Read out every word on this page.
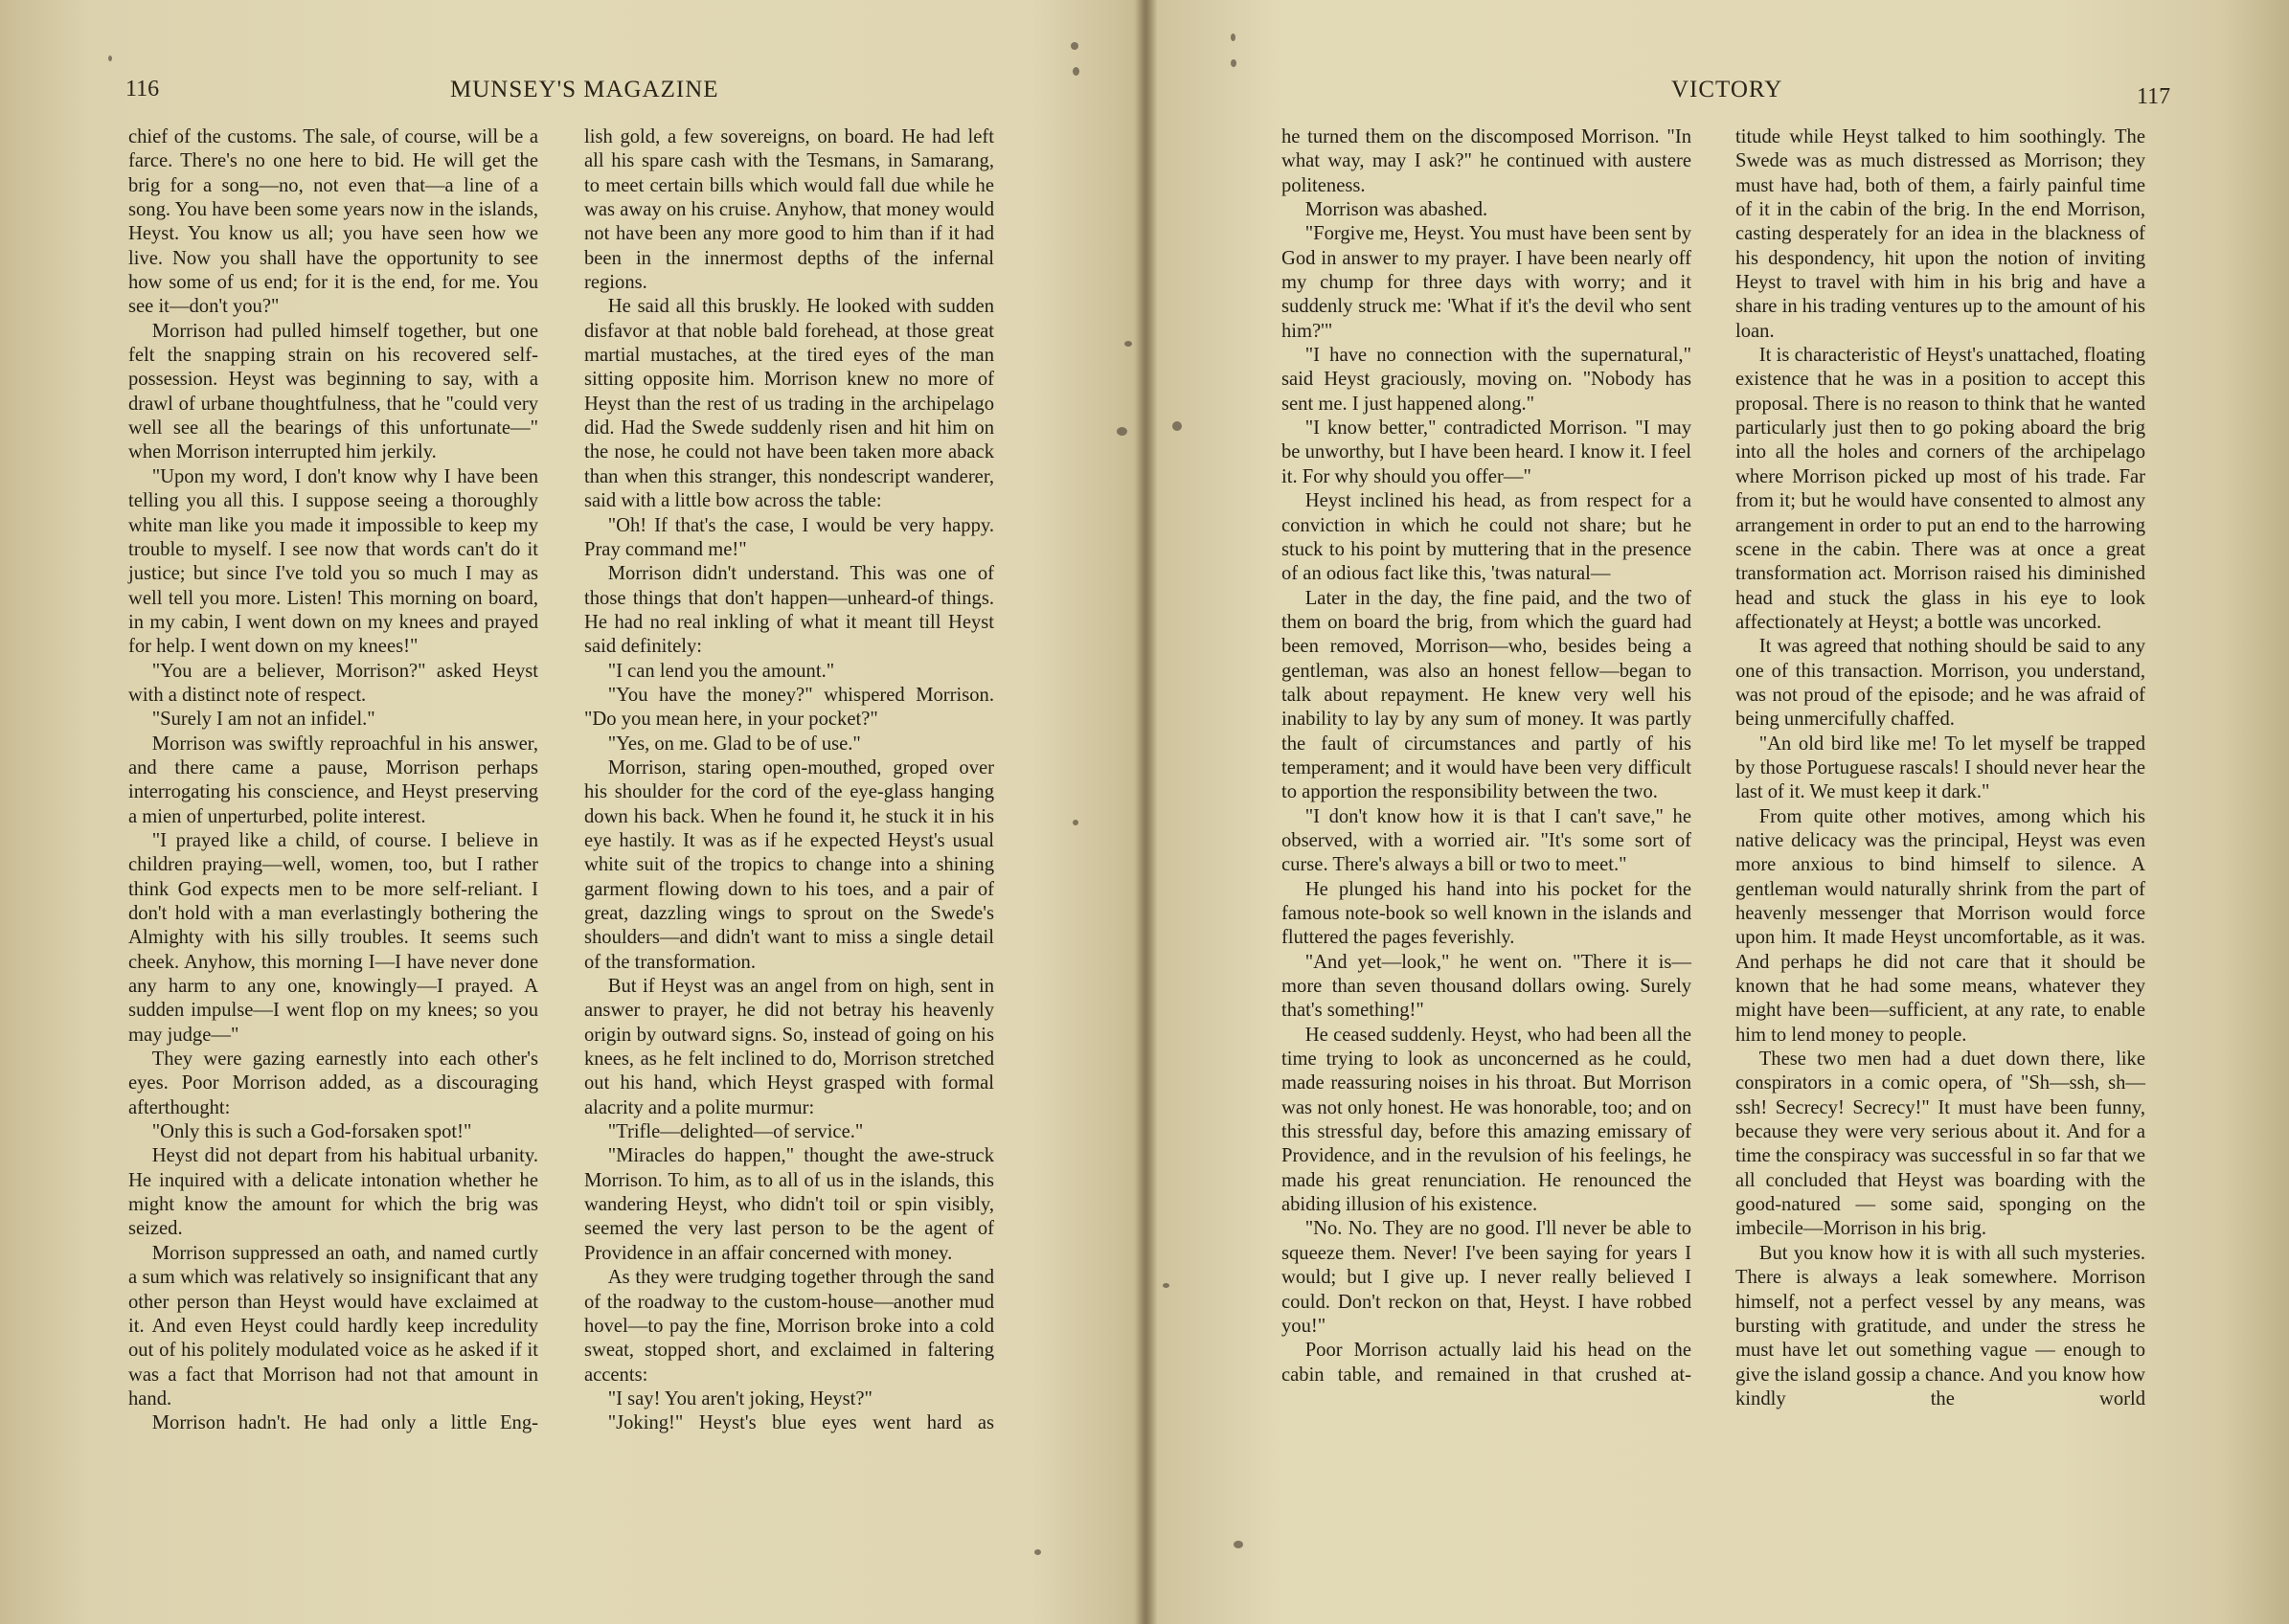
116	MUNSEY'S MAGAZINE

chief of the customs. The sale, of course, will be a farce. There's no one here to bid. He will get the brig for a song—no, not even that—a line of a song. You have been some years now in the islands, Heyst. You know us all; you have seen how we live. Now you shall have the opportunity to see how some of us end; for it is the end, for me. You see it—don't you?"

Morrison had pulled himself together, but one felt the snapping strain on his recovered self-possession. Heyst was beginning to say, with a drawl of urbane thoughtfulness, that he "could very well see all the bearings of this unfortunate—" when Morrison interrupted him jerkily.

"Upon my word, I don't know why I have been telling you all this. I suppose seeing a thoroughly white man like you made it impossible to keep my trouble to myself. I see now that words can't do it justice; but since I've told you so much I may as well tell you more. Listen! This morning on board, in my cabin, I went down on my knees and prayed for help. I went down on my knees!"

"You are a believer, Morrison?" asked Heyst with a distinct note of respect.

"Surely I am not an infidel."

Morrison was swiftly reproachful in his answer, and there came a pause, Morrison perhaps interrogating his conscience, and Heyst preserving a mien of unperturbed, polite interest.

"I prayed like a child, of course. I believe in children praying—well, women, too, but I rather think God expects men to be more self-reliant. I don't hold with a man everlastingly bothering the Almighty with his silly troubles. It seems such cheek. Anyhow, this morning I—I have never done any harm to any one, knowingly—I prayed. A sudden impulse—I went flop on my knees; so you may judge—"

They were gazing earnestly into each other's eyes. Poor Morrison added, as a discouraging afterthought:

"Only this is such a God-forsaken spot!"

Heyst did not depart from his habitual urbanity. He inquired with a delicate intonation whether he might know the amount for which the brig was seized.

Morrison suppressed an oath, and named curtly a sum which was relatively so insignificant that any other person than Heyst would have exclaimed at it. And even Heyst could hardly keep incredulity out of his politely modulated voice as he asked if it was a fact that Morrison had not that amount in hand.

Morrison hadn't. He had only a little Eng-

lish gold, a few sovereigns, on board. He had left all his spare cash with the Tesmans, in Samarang, to meet certain bills which would fall due while he was away on his cruise. Anyhow, that money would not have been any more good to him than if it had been in the innermost depths of the infernal regions.

He said all this bruskly. He looked with sudden disfavor at that noble bald forehead, at those great martial mustaches, at the tired eyes of the man sitting opposite him. Morrison knew no more of Heyst than the rest of us trading in the archipelago did. Had the Swede suddenly risen and hit him on the nose, he could not have been taken more aback than when this stranger, this nondescript wanderer, said with a little bow across the table:

"Oh! If that's the case, I would be very happy. Pray command me!"

Morrison didn't understand. This was one of those things that don't happen—unheard-of things. He had no real inkling of what it meant till Heyst said definitely:

"I can lend you the amount."

"You have the money?" whispered Morrison. "Do you mean here, in your pocket?"

"Yes, on me. Glad to be of use."

Morrison, staring open-mouthed, groped over his shoulder for the cord of the eye-glass hanging down his back. When he found it, he stuck it in his eye hastily. It was as if he expected Heyst's usual white suit of the tropics to change into a shining garment flowing down to his toes, and a pair of great, dazzling wings to sprout on the Swede's shoulders—and didn't want to miss a single detail of the transformation.

But if Heyst was an angel from on high, sent in answer to prayer, he did not betray his heavenly origin by outward signs. So, instead of going on his knees, as he felt inclined to do, Morrison stretched out his hand, which Heyst grasped with formal alacrity and a polite murmur:

"Trifle—delighted—of service."

"Miracles do happen," thought the awe-struck Morrison. To him, as to all of us in the islands, this wandering Heyst, who didn't toil or spin visibly, seemed the very last person to be the agent of Providence in an affair concerned with money.

As they were trudging together through the sand of the roadway to the custom-house—another mud hovel—to pay the fine, Morrison broke into a cold sweat, stopped short, and exclaimed in faltering accents:

"I say! You aren't joking, Heyst?"

"Joking!" Heyst's blue eyes went hard as

VICTORY	117

he turned them on the discomposed Morrison. "In what way, may I ask?" he continued with austere politeness.

Morrison was abashed.

"Forgive me, Heyst. You must have been sent by God in answer to my prayer. I have been nearly off my chump for three days with worry; and it suddenly struck me: 'What if it's the devil who sent him?'"

"I have no connection with the supernatural," said Heyst graciously, moving on. "Nobody has sent me. I just happened along."

"I know better," contradicted Morrison. "I may be unworthy, but I have been heard. I know it. I feel it. For why should you offer—"

Heyst inclined his head, as from respect for a conviction in which he could not share; but he stuck to his point by muttering that in the presence of an odious fact like this, 'twas natural—

Later in the day, the fine paid, and the two of them on board the brig, from which the guard had been removed, Morrison—who, besides being a gentleman, was also an honest fellow—began to talk about repayment. He knew very well his inability to lay by any sum of money. It was partly the fault of circumstances and partly of his temperament; and it would have been very difficult to apportion the responsibility between the two.

"I don't know how it is that I can't save," he observed, with a worried air. "It's some sort of curse. There's always a bill or two to meet."

He plunged his hand into his pocket for the famous note-book so well known in the islands and fluttered the pages feverishly.

"And yet—look," he went on. "There it is—more than seven thousand dollars owing. Surely that's something!"

He ceased suddenly. Heyst, who had been all the time trying to look as unconcerned as he could, made reassuring noises in his throat. But Morrison was not only honest. He was honorable, too; and on this stressful day, before this amazing emissary of Providence, and in the revulsion of his feelings, he made his great renunciation. He renounced the abiding illusion of his existence.

"No. No. They are no good. I'll never be able to squeeze them. Never! I've been saying for years I would; but I give up. I never really believed I could. Don't reckon on that, Heyst. I have robbed you!"

Poor Morrison actually laid his head on the cabin table, and remained in that crushed at-

titude while Heyst talked to him soothingly. The Swede was as much distressed as Morrison; they must have had, both of them, a fairly painful time of it in the cabin of the brig. In the end Morrison, casting desperately for an idea in the blackness of his despondency, hit upon the notion of inviting Heyst to travel with him in his brig and have a share in his trading ventures up to the amount of his loan.

It is characteristic of Heyst's unattached, floating existence that he was in a position to accept this proposal. There is no reason to think that he wanted particularly just then to go poking aboard the brig into all the holes and corners of the archipelago where Morrison picked up most of his trade. Far from it; but he would have consented to almost any arrangement in order to put an end to the harrowing scene in the cabin. There was at once a great transformation act. Morrison raised his diminished head and stuck the glass in his eye to look affectionately at Heyst; a bottle was uncorked.

It was agreed that nothing should be said to any one of this transaction. Morrison, you understand, was not proud of the episode; and he was afraid of being unmercifully chaffed.

"An old bird like me! To let myself be trapped by those Portuguese rascals! I should never hear the last of it. We must keep it dark."

From quite other motives, among which his native delicacy was the principal, Heyst was even more anxious to bind himself to silence. A gentleman would naturally shrink from the part of heavenly messenger that Morrison would force upon him. It made Heyst uncomfortable, as it was. And perhaps he did not care that it should be known that he had some means, whatever they might have been—sufficient, at any rate, to enable him to lend money to people.

These two men had a duet down there, like conspirators in a comic opera, of "Sh—ssh, sh—ssh! Secrecy! Secrecy!" It must have been funny, because they were very serious about it. And for a time the conspiracy was successful in so far that we all concluded that Heyst was boarding with the good-natured — some said, sponging on the imbecile—Morrison in his brig.

But you know how it is with all such mysteries. There is always a leak somewhere. Morrison himself, not a perfect vessel by any means, was bursting with gratitude, and under the stress he must have let out something vague — enough to give the island gossip a chance. And you know how kindly the world
